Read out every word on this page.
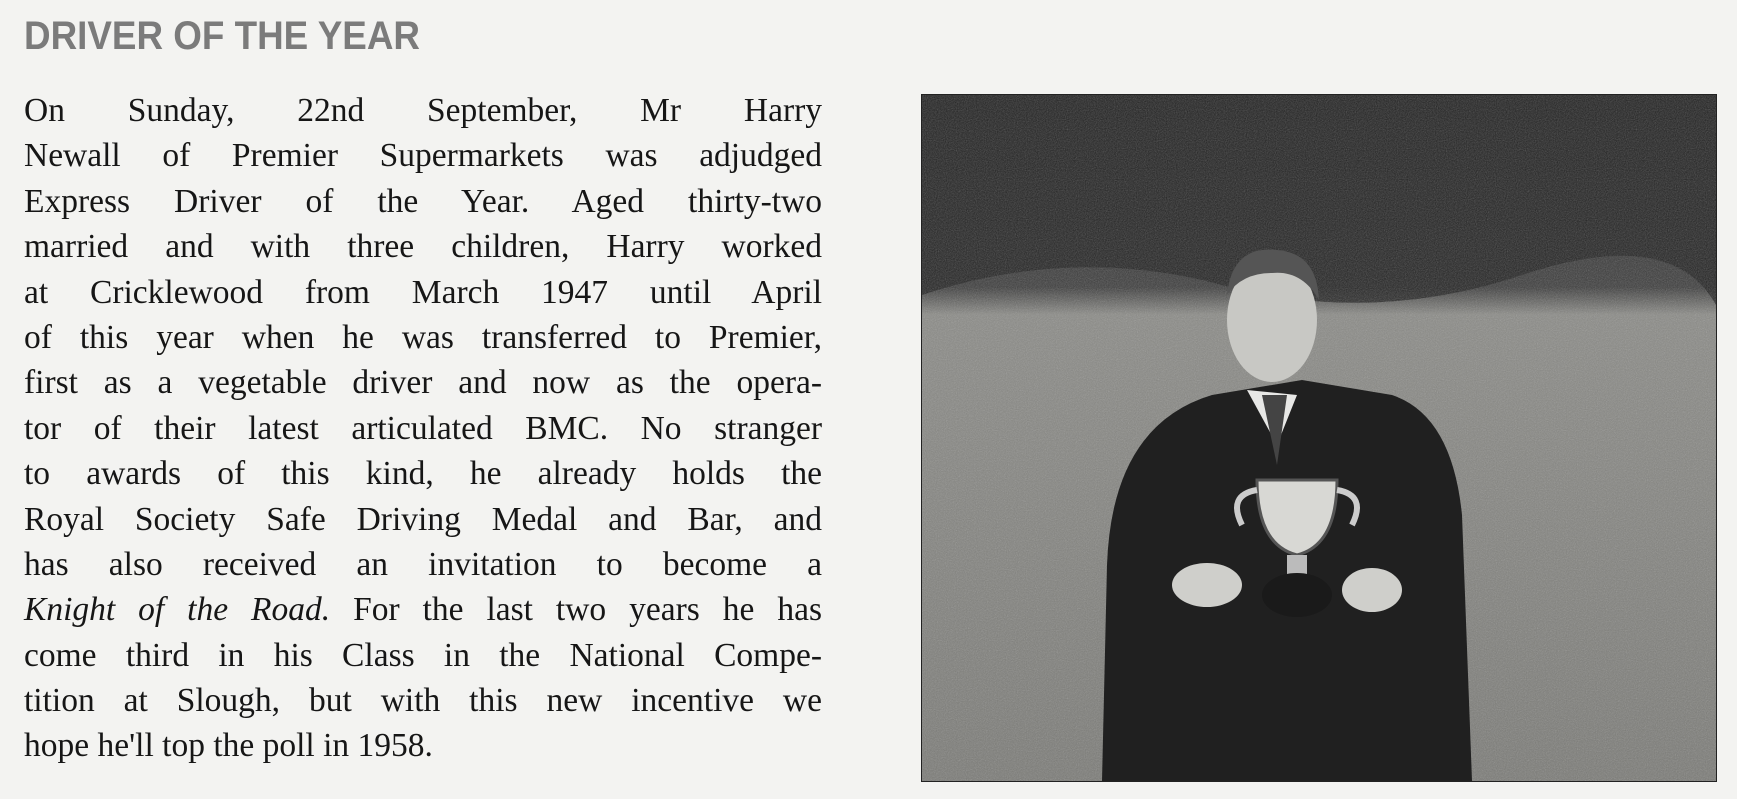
DRIVER OF THE YEAR
On Sunday, 22nd September, Mr Harry
Newall of Premier Supermarkets was adjudged
Express Driver of the Year. Aged thirty-two
married and with three children, Harry worked
at Cricklewood from March 1947 until April
of this year when he was transferred to Premier,
first as a vegetable driver and now as the opera-
tor of their latest articulated BMC. No stranger
to awards of this kind, he already holds the
Royal Society Safe Driving Medal and Bar, and
has also received an invitation to become a
Knight of the Road. For the last two years he has
come third in his Class in the National Compe-
tition at Slough, but with this new incentive we
hope he'll top the poll in 1958.
